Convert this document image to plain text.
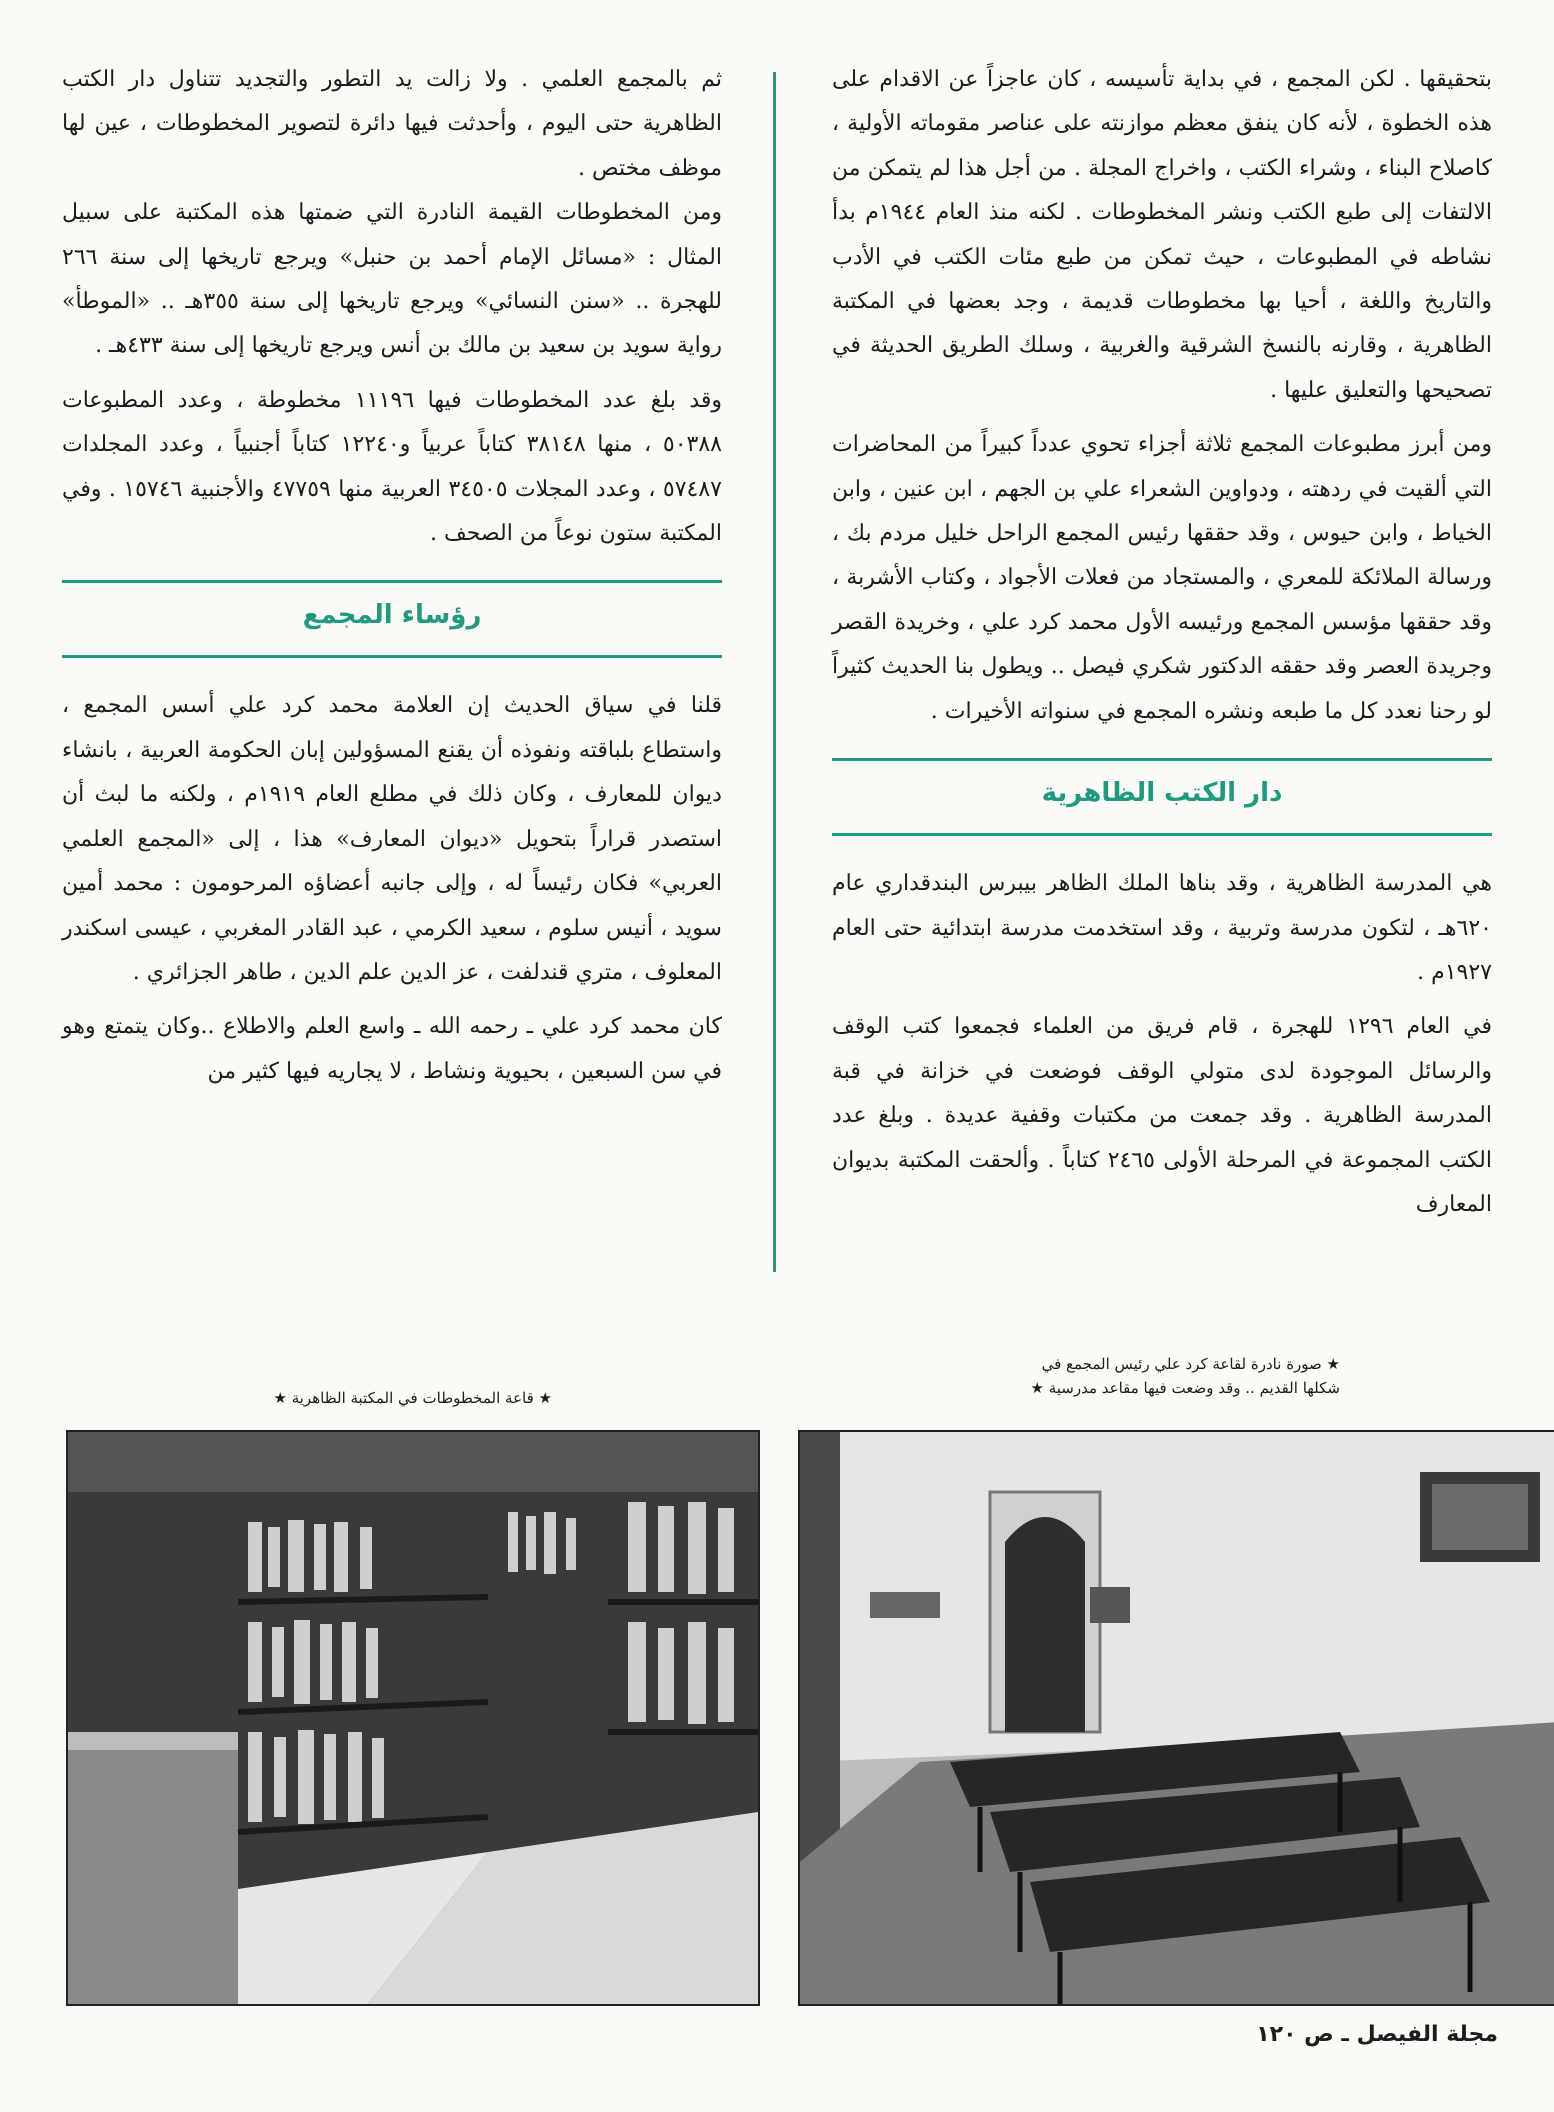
بتحقيقها . لكن المجمع ، في بداية تأسيسه ، كان عاجزاً عن الاقدام على هذه الخطوة ، لأنه كان ينفق معظم موازنته على عناصر مقوماته الأولية ، كاصلاح البناء ، وشراء الكتب ، واخراج المجلة . من أجل هذا لم يتمكن من الالتفات إلى طبع الكتب ونشر المخطوطات . لكنه منذ العام ١٩٤٤م بدأ نشاطه في المطبوعات ، حيث تمكن من طبع مئات الكتب في الأدب والتاريخ واللغة ، أحيا بها مخطوطات قديمة ، وجد بعضها في المكتبة الظاهرية ، وقارنه بالنسخ الشرقية والغربية ، وسلك الطريق الحديثة في تصحيحها والتعليق عليها .

ومن أبرز مطبوعات المجمع ثلاثة أجزاء تحوي عدداً كبيراً من المحاضرات التي ألقيت في ردهته ، ودواوين الشعراء علي بن الجهم ، ابن عنين ، وابن الخياط ، وابن حيوس ، وقد حققها رئيس المجمع الراحل خليل مردم بك ، ورسالة الملائكة للمعري ، والمستجاد من فعلات الأجواد ، وكتاب الأشربة ، وقد حققها مؤسس المجمع ورئيسه الأول محمد كرد علي ، وخريدة القصر وجريدة العصر وقد حققه الدكتور شكري فيصل .. ويطول بنا الحديث كثيراً لو رحنا نعدد كل ما طبعه ونشره المجمع في سنواته الأخيرات .

دار الكتب الظاهرية

هي المدرسة الظاهرية ، وقد بناها الملك الظاهر بيبرس البندقداري عام ٦٢٠هـ ، لتكون مدرسة وتربية ، وقد استخدمت مدرسة ابتدائية حتى العام ١٩٢٧م .

في العام ١٢٩٦ للهجرة ، قام فريق من العلماء فجمعوا كتب الوقف والرسائل الموجودة لدى متولي الوقف فوضعت في خزانة في قبة المدرسة الظاهرية . وقد جمعت من مكتبات وقفية عديدة . وبلغ عدد الكتب المجموعة في المرحلة الأولى ٢٤٦٥ كتاباً . وألحقت المكتبة بديوان المعارف

ثم بالمجمع العلمي . ولا زالت يد التطور والتجديد تتناول دار الكتب الظاهرية حتى اليوم ، وأحدثت فيها دائرة لتصوير المخطوطات ، عين لها موظف مختص .

ومن المخطوطات القيمة النادرة التي ضمتها هذه المكتبة على سبيل المثال : «مسائل الإمام أحمد بن حنبل» ويرجع تاريخها إلى سنة ٢٦٦ للهجرة .. «سنن النسائي» ويرجع تاريخها إلى سنة ٣٥٥هـ .. «الموطأ» رواية سويد بن سعيد بن مالك بن أنس ويرجع تاريخها إلى سنة ٤٣٣هـ .

وقد بلغ عدد المخطوطات فيها ١١١٩٦ مخطوطة ، وعدد المطبوعات ٥٠٣٨٨ ، منها ٣٨١٤٨ كتاباً عربياً و١٢٢٤٠ كتاباً أجنبياً ، وعدد المجلدات ٥٧٤٨٧ ، وعدد المجلات ٣٤٥٠٥ العربية منها ٤٧٧٥٩ والأجنبية ١٥٧٤٦ . وفي المكتبة ستون نوعاً من الصحف .

رؤساء المجمع

قلنا في سياق الحديث إن العلامة محمد كرد علي أسس المجمع ، واستطاع بلباقته ونفوذه أن يقنع المسؤولين إبان الحكومة العربية ، بانشاء ديوان للمعارف ، وكان ذلك في مطلع العام ١٩١٩م ، ولكنه ما لبث أن استصدر قراراً بتحويل «ديوان المعارف» هذا ، إلى «المجمع العلمي العربي» فكان رئيساً له ، وإلى جانبه أعضاؤه المرحومون : محمد أمين سويد ، أنيس سلوم ، سعيد الكرمي ، عبد القادر المغربي ، عيسى اسكندر المعلوف ، متري قندلفت ، عز الدين علم الدين ، طاهر الجزائري .

كان محمد كرد علي ـ رحمه الله ـ واسع العلم والاطلاع ..وكان يتمتع وهو في سن السبعين ، بحيوية ونشاط ، لا يجاريه فيها كثير من

★ صورة نادرة لقاعة كرد علي رئيس المجمع في شكلها القديم .. وقد وضعت فيها مقاعد مدرسية ★
★ قاعة المخطوطات في المكتبة الظاهرية ★
مجلة الفيصل ـ ص ١٢٠
